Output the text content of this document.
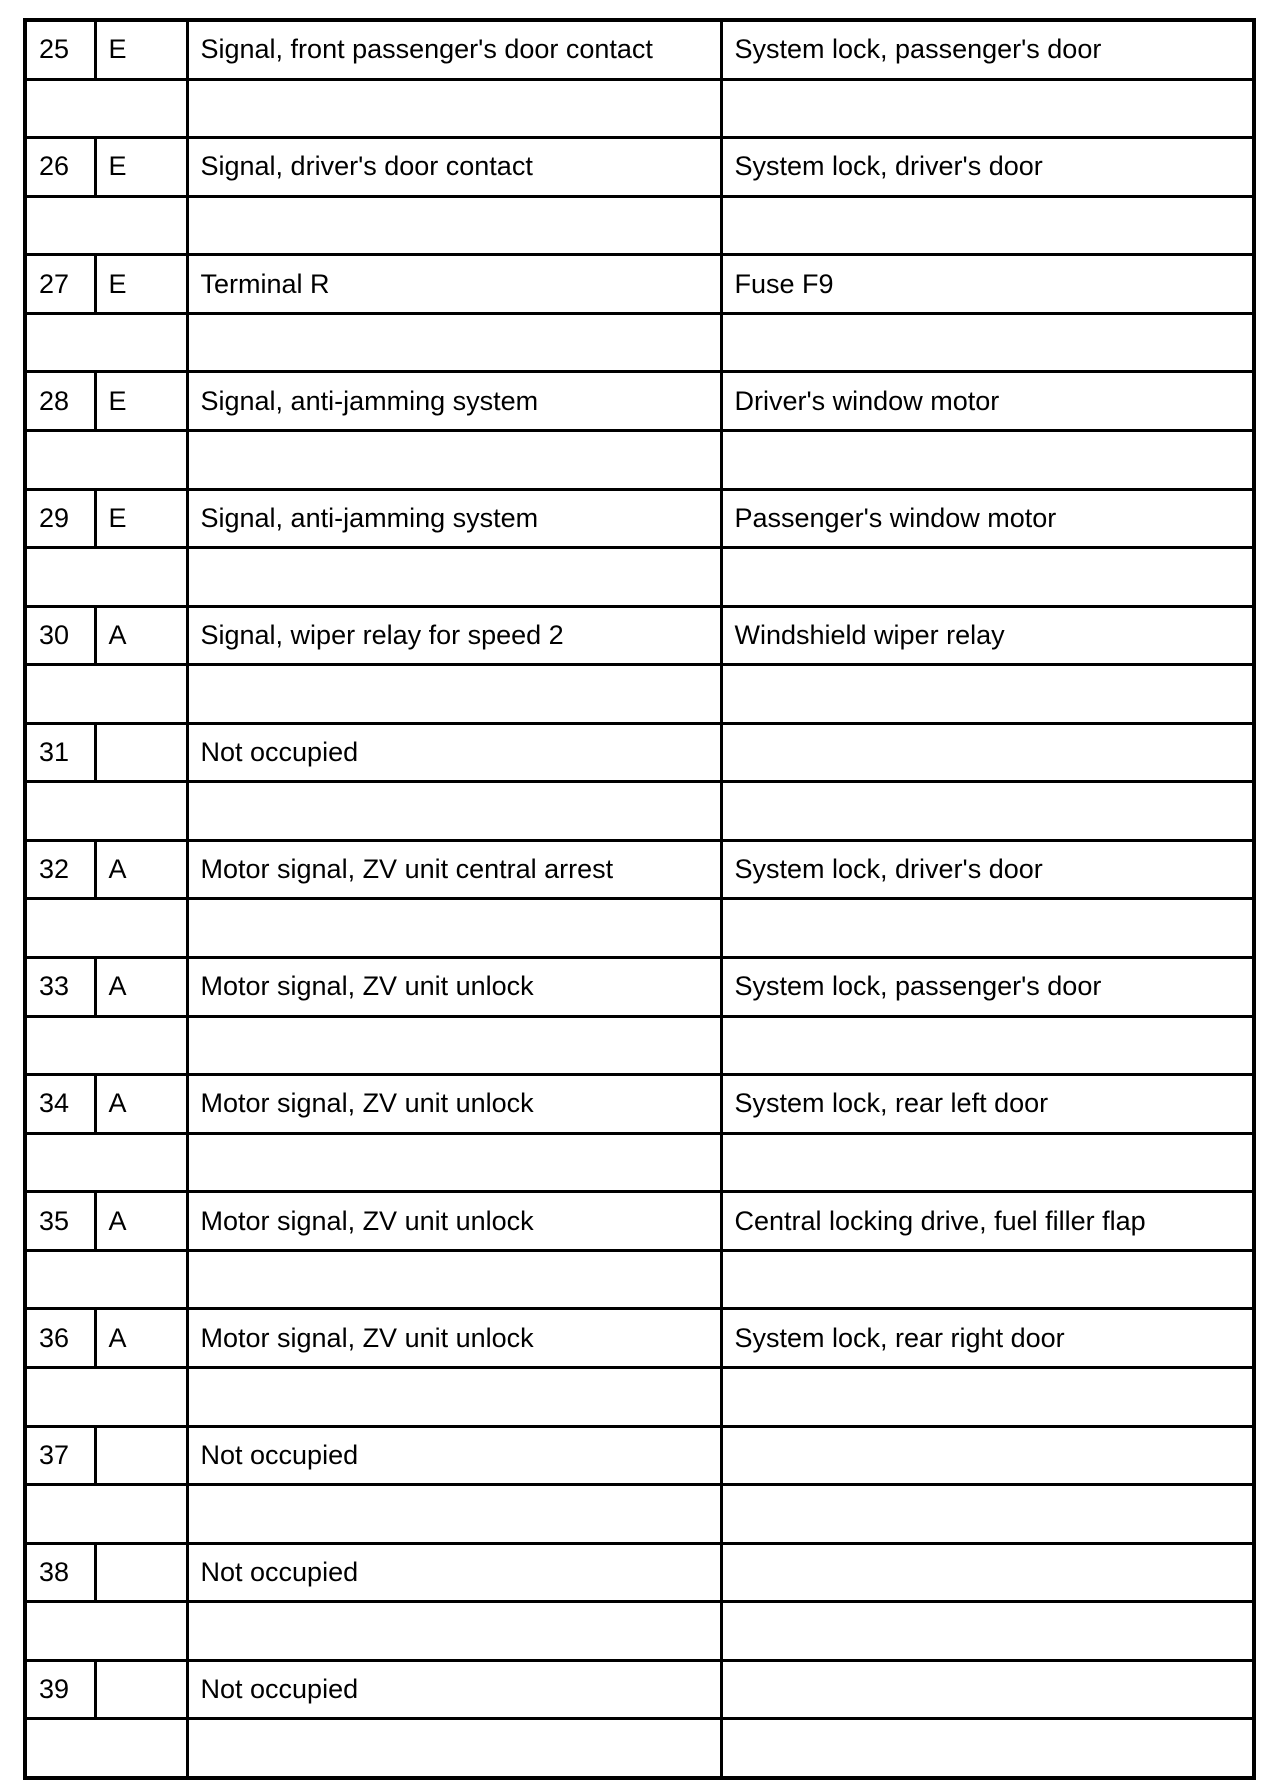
25	E	Signal, front passenger's door contact	System lock, passenger's door

26	E	Signal, driver's door contact	System lock, driver's door

27	E	Terminal R	Fuse F9

28	E	Signal, anti-jamming system	Driver's window motor

29	E	Signal, anti-jamming system	Passenger's window motor

30	A	Signal, wiper relay for speed 2	Windshield wiper relay

31		Not occupied	

32	A	Motor signal, ZV unit central arrest	System lock, driver's door

33	A	Motor signal, ZV unit unlock	System lock, passenger's door

34	A	Motor signal, ZV unit unlock	System lock, rear left door

35	A	Motor signal, ZV unit unlock	Central locking drive, fuel filler flap

36	A	Motor signal, ZV unit unlock	System lock, rear right door

37		Not occupied	

38		Not occupied	

39		Not occupied	
